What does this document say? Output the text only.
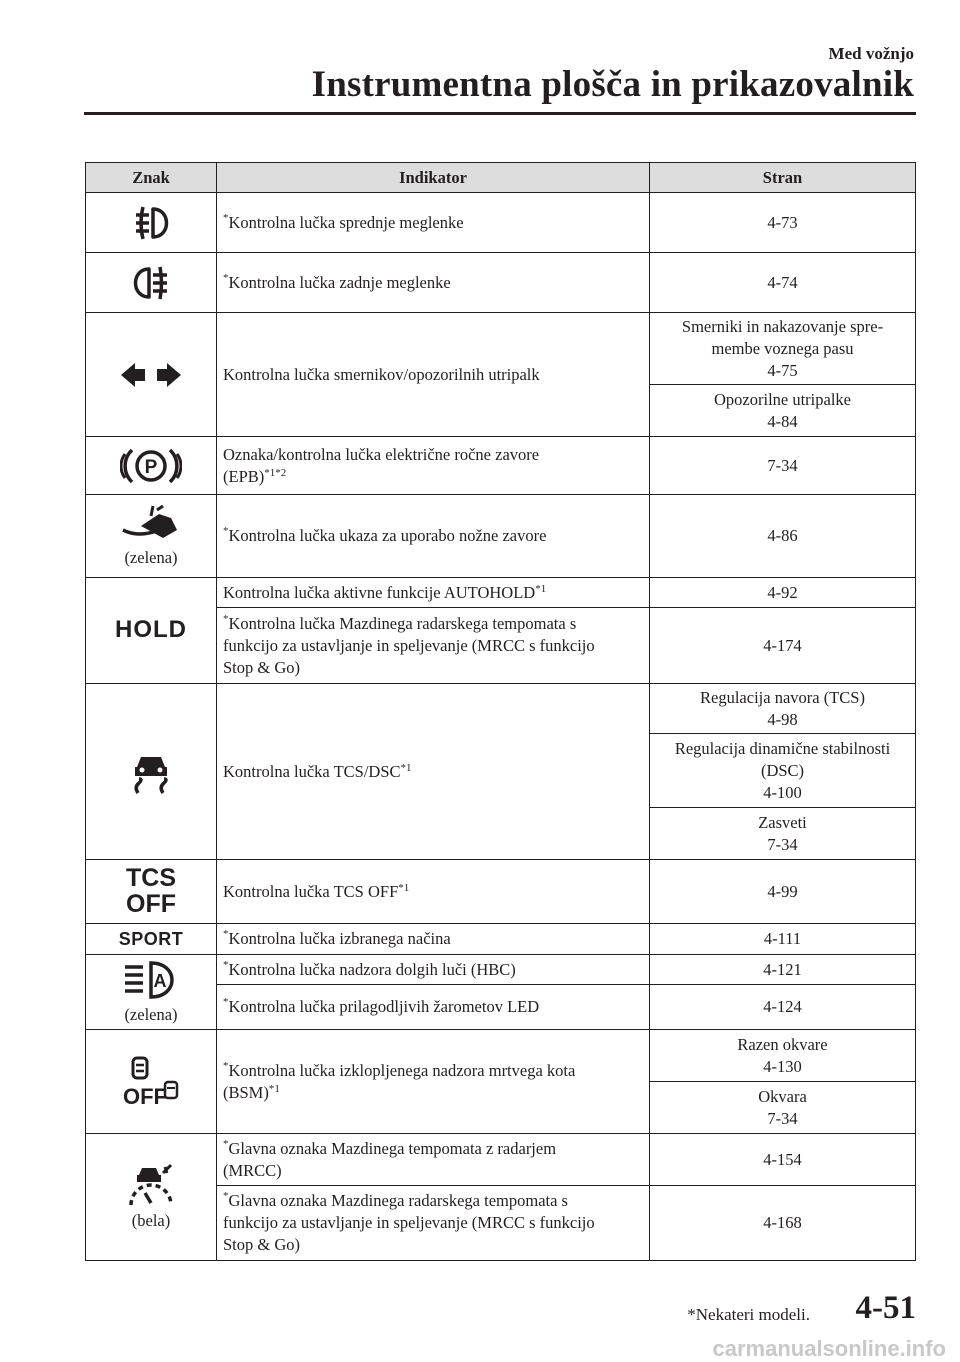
Med vožnjo
Instrumentna plošča in prikazovalnik
Znak	Indikator	Stran

	*Kontrolna lučka sprednje meglenke	4-73

	*Kontrolna lučka zadnje meglenke	4-74

	Kontrolna lučka smernikov/opozorilnih utripalk	Smerniki in nakazovanje spre-
membe voznega pasu
4-75

		Opozorilne utripalke
4-84

P	Oznaka/kontrolna lučka električne ročne zavore
(EPB)$^{*1*2}$	7-34

(zelena)	*Kontrolna lučka ukaza za uporabo nožne zavore	4-86
HOLD	Kontrolna lučka aktivne funkcije AUTOHOLD$^{*1}$	4-92
	*Kontrolna lučka Mazdinega radarskega tempomata s
funkcijo za ustavljanje in speljevanje (MRCC s funkcijo
Stop & Go)	4-174

	Kontrolna lučka TCS/DSC$^{*1}$	Regulacija navora (TCS)
4-98

		Regulacija dinamične stabilnosti
(DSC)
4-100

		Zasveti
7-34

TCS
OFF	Kontrolna lučka TCS OFF$^{*1}$	4-99
SPORT	*Kontrolna lučka izbranega načina	4-111

A
(zelena)	*Kontrolna lučka nadzora dolgih luči (HBC)	4-121
	*Kontrolna lučka prilagodljivih žarometov LED	4-124

OFF	*Kontrolna lučka izklopljenega nadzora mrtvega kota
(BSM)$^{*1}$	Razen okvare
4-130

		Okvara
7-34

(bela)	*Glavna oznaka Mazdinega tempomata z radarjem
(MRCC)	4-154
	*Glavna oznaka Mazdinega radarskega tempomata s
funkcijo za ustavljanje in speljevanje (MRCC s funkcijo
Stop & Go)	4-168
*Nekateri modeli. 4-51
carmanualsonline.info
